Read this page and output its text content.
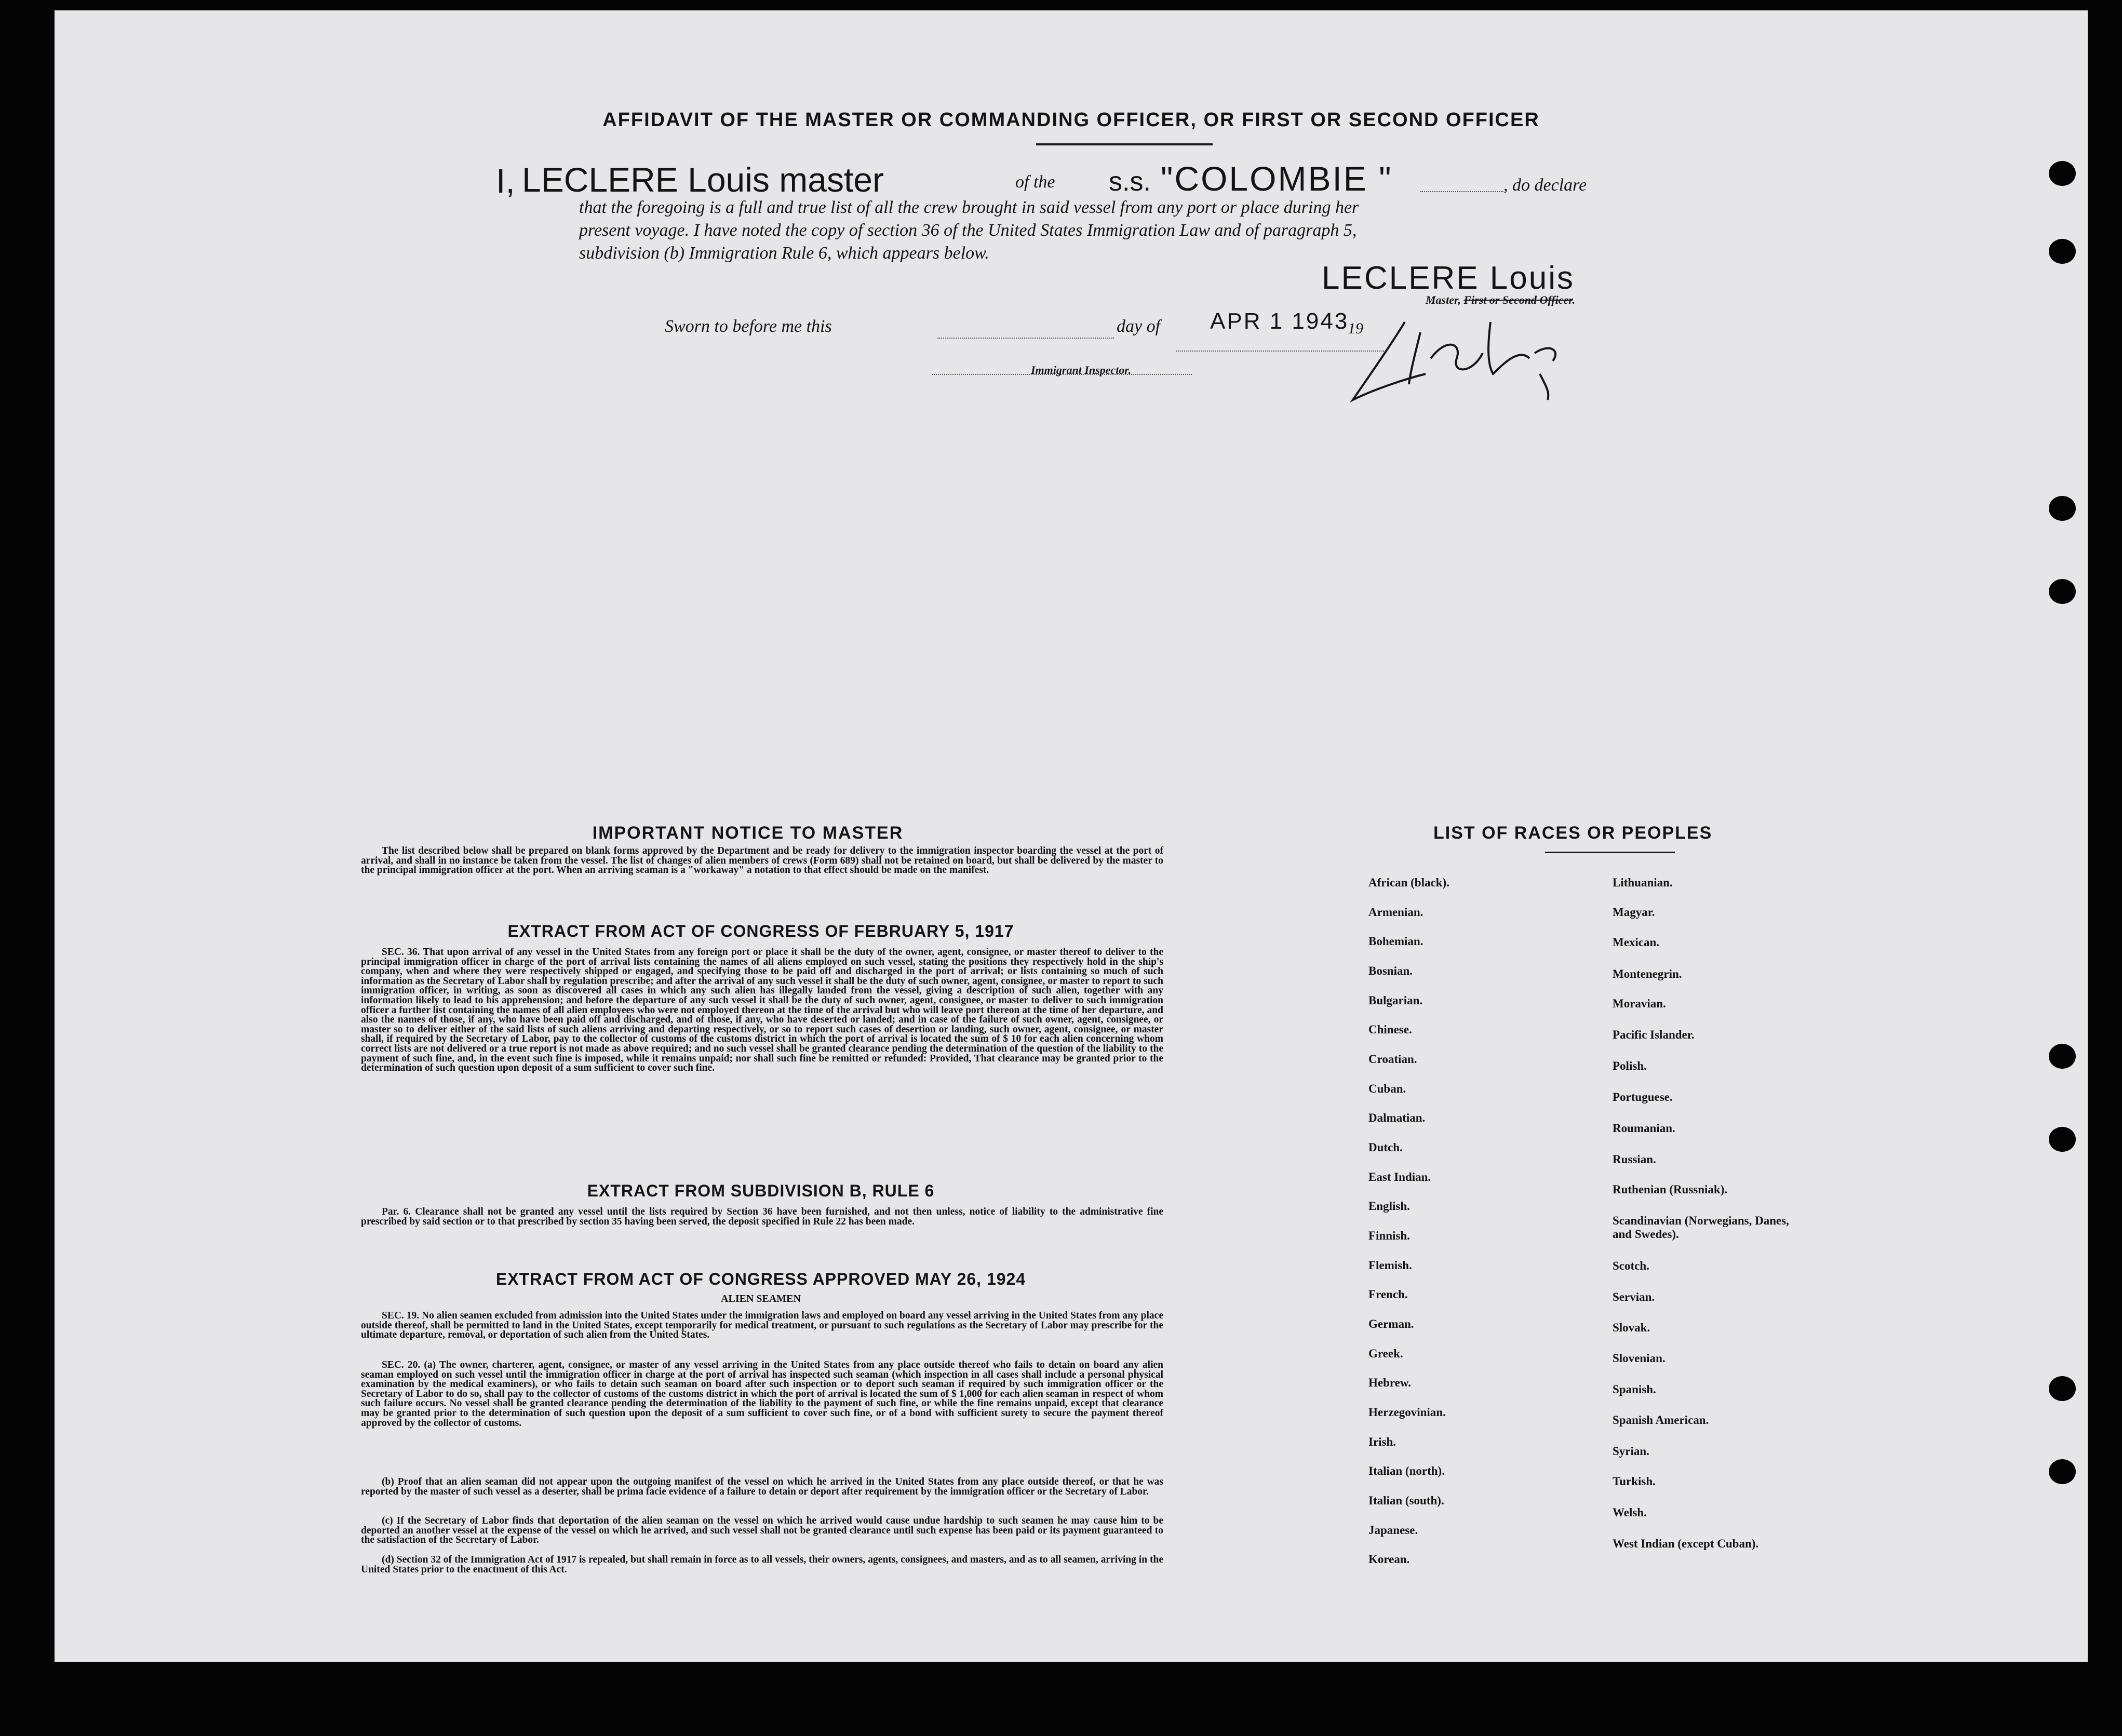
AFFIDAVIT OF THE MASTER OR COMMANDING OFFICER, OR FIRST OR SECOND OFFICER
I, LECLERE Louis master	of the s.s. "COLOMBIE "	, do declare
that the foregoing is a full and true list of all the crew brought in said vessel from any port or place during her
present voyage. I have noted the copy of section 36 of the United States Immigration Law and of paragraph 5,
subdivision (b) Immigration Rule 6, which appears below.
LECLERE Louis
Master, First or Second Officer.
Sworn to before me this	day of APR 1 1943
19
Immigrant Inspector.
IMPORTANT NOTICE TO MASTER
The list described below shall be prepared on blank forms approved by the Department and be ready for delivery to the immigration inspector boarding the vessel at the port of arrival, and shall in no instance be taken from the vessel. The list of changes of alien members of crews (Form 689) shall not be retained on board, but shall be delivered by the master to the principal immigration officer at the port. When an arriving seaman is a "workaway" a notation to that effect should be made on the manifest.
EXTRACT FROM ACT OF CONGRESS OF FEBRUARY 5, 1917
SEC. 36. That upon arrival of any vessel in the United States from any foreign port or place it shall be the duty of the owner, agent, consignee, or master thereof to deliver to the principal immigration officer in charge of the port of arrival lists containing the names of all aliens employed on such vessel, stating the positions they respectively hold in the ship's company, when and where they were respectively shipped or engaged, and specifying those to be paid off and discharged in the port of arrival; or lists containing so much of such information as the Secretary of Labor shall by regulation prescribe; and after the arrival of any such vessel it shall be the duty of such owner, agent, consignee, or master to report to such immigration officer, in writing, as soon as discovered all cases in which any such alien has illegally landed from the vessel, giving a description of such alien, together with any information likely to lead to his apprehension; and before the departure of any such vessel it shall be the duty of such owner, agent, consignee, or master to deliver to such immigration officer a further list containing the names of all alien employees who were not employed thereon at the time of the arrival but who will leave port thereon at the time of her departure, and also the names of those, if any, who have been paid off and discharged, and of those, if any, who have deserted or landed; and in case of the failure of such owner, agent, consignee, or master so to deliver either of the said lists of such aliens arriving and departing respectively, or so to report such cases of desertion or landing, such owner, agent, consignee, or master shall, if required by the Secretary of Labor, pay to the collector of customs of the customs district in which the port of arrival is located the sum of $ 10 for each alien concerning whom correct lists are not delivered or a true report is not made as above required; and no such vessel shall be granted clearance pending the determination of the question of the liability to the payment of such fine, and, in the event such fine is imposed, while it remains unpaid; nor shall such fine be remitted or refunded: Provided, That clearance may be granted prior to the determination of such question upon deposit of a sum sufficient to cover such fine.
EXTRACT FROM SUBDIVISION B, RULE 6
Par. 6. Clearance shall not be granted any vessel until the lists required by Section 36 have been furnished, and not then unless, notice of liability to the administrative fine prescribed by said section or to that prescribed by section 35 having been served, the deposit specified in Rule 22 has been made.
EXTRACT FROM ACT OF CONGRESS APPROVED MAY 26, 1924
ALIEN SEAMEN
SEC. 19. No alien seamen excluded from admission into the United States under the immigration laws and employed on board any vessel arriving in the United States from any place outside thereof, shall be permitted to land in the United States, except temporarily for medical treatment, or pursuant to such regulations as the Secretary of Labor may prescribe for the ultimate departure, removal, or deportation of such alien from the United States.
SEC. 20. (a) The owner, charterer, agent, consignee, or master of any vessel arriving in the United States from any place outside thereof who fails to detain on board any alien seaman employed on such vessel until the immigration officer in charge at the port of arrival has inspected such seaman (which inspection in all cases shall include a personal physical examination by the medical examiners), or who fails to detain such seaman on board after such inspection or to deport such seaman if required by such immigration officer or the Secretary of Labor to do so, shall pay to the collector of customs of the customs district in which the port of arrival is located the sum of $ 1,000 for each alien seaman in respect of whom such failure occurs. No vessel shall be granted clearance pending the determination of the liability to the payment of such fine, or while the fine remains unpaid, except that clearance may be granted prior to the determination of such question upon the deposit of a sum sufficient to cover such fine, or of a bond with sufficient surety to secure the payment thereof approved by the collector of customs.
(b) Proof that an alien seaman did not appear upon the outgoing manifest of the vessel on which he arrived in the United States from any place outside thereof, or that he was reported by the master of such vessel as a deserter, shall be prima facie evidence of a failure to detain or deport after requirement by the immigration officer or the Secretary of Labor.
(c) If the Secretary of Labor finds that deportation of the alien seaman on the vessel on which he arrived would cause undue hardship to such seamen he may cause him to be deported an another vessel at the expense of the vessel on which he arrived, and such vessel shall not be granted clearance until such expense has been paid or its payment guaranteed to the satisfaction of the Secretary of Labor.
(d) Section 32 of the Immigration Act of 1917 is repealed, but shall remain in force as to all vessels, their owners, agents, consignees, and masters, and as to all seamen, arriving in the United States prior to the enactment of this Act.
LIST OF RACES OR PEOPLES
African (black).
Armenian.
Bohemian.
Bosnian.
Bulgarian.
Chinese.
Croatian.
Cuban.
Dalmatian.
Dutch.
East Indian.
English.
Finnish.
Flemish.
French.
German.
Greek.
Hebrew.
Herzegovinian.
Irish.
Italian (north).
Italian (south).
Japanese.
Korean.
Lithuanian.
Magyar.
Mexican.
Montenegrin.
Moravian.
Pacific Islander.
Polish.
Portuguese.
Roumanian.
Russian.
Ruthenian (Russniak).
Scandinavian (Norwegians, Danes, and Swedes).
Scotch.
Servian.
Slovak.
Slovenian.
Spanish.
Spanish American.
Syrian.
Turkish.
Welsh.
West Indian (except Cuban).
